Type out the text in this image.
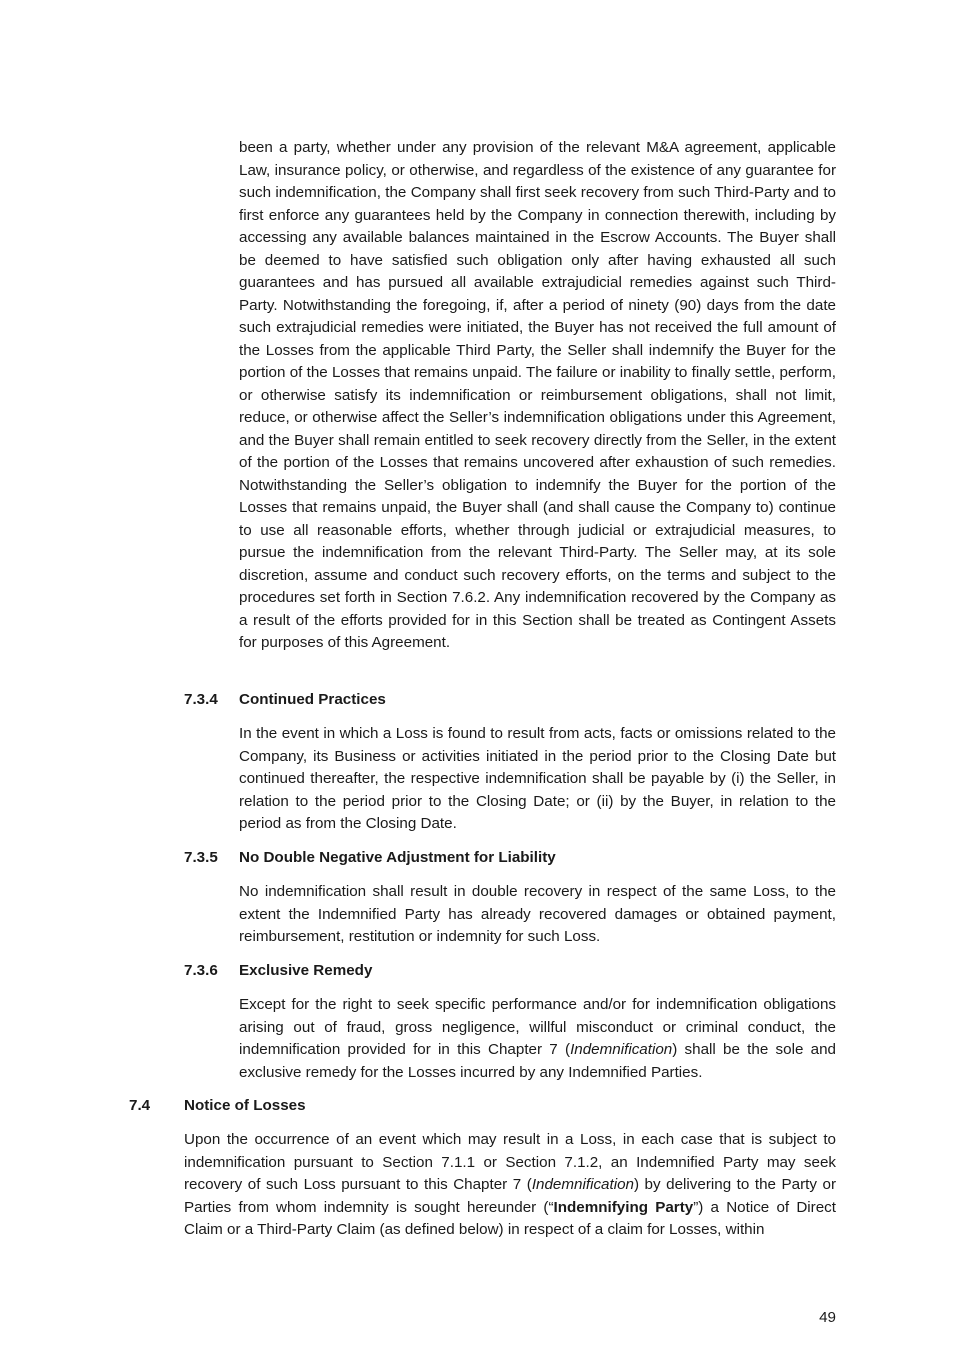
been a party, whether under any provision of the relevant M&A agreement, applicable Law, insurance policy, or otherwise, and regardless of the existence of any guarantee for such indemnification, the Company shall first seek recovery from such Third-Party and to first enforce any guarantees held by the Company in connection therewith, including by accessing any available balances maintained in the Escrow Accounts. The Buyer shall be deemed to have satisfied such obligation only after having exhausted all such guarantees and has pursued all available extrajudicial remedies against such Third-Party. Notwithstanding the foregoing, if, after a period of ninety (90) days from the date such extrajudicial remedies were initiated, the Buyer has not received the full amount of the Losses from the applicable Third Party, the Seller shall indemnify the Buyer for the portion of the Losses that remains unpaid. The failure or inability to finally settle, perform, or otherwise satisfy its indemnification or reimbursement obligations, shall not limit, reduce, or otherwise affect the Seller’s indemnification obligations under this Agreement, and the Buyer shall remain entitled to seek recovery directly from the Seller, in the extent of the portion of the Losses that remains uncovered after exhaustion of such remedies. Notwithstanding the Seller’s obligation to indemnify the Buyer for the portion of the Losses that remains unpaid, the Buyer shall (and shall cause the Company to) continue to use all reasonable efforts, whether through judicial or extrajudicial measures, to pursue the indemnification from the relevant Third-Party. The Seller may, at its sole discretion, assume and conduct such recovery efforts, on the terms and subject to the procedures set forth in Section 7.6.2. Any indemnification recovered by the Company as a result of the efforts provided for in this Section shall be treated as Contingent Assets for purposes of this Agreement.

7.3.4 Continued Practices

In the event in which a Loss is found to result from acts, facts or omissions related to the Company, its Business or activities initiated in the period prior to the Closing Date but continued thereafter, the respective indemnification shall be payable by (i) the Seller, in relation to the period prior to the Closing Date; or (ii) by the Buyer, in relation to the period as from the Closing Date.

7.3.5 No Double Negative Adjustment for Liability

No indemnification shall result in double recovery in respect of the same Loss, to the extent the Indemnified Party has already recovered damages or obtained payment, reimbursement, restitution or indemnity for such Loss.

7.3.6 Exclusive Remedy

Except for the right to seek specific performance and/or for indemnification obligations arising out of fraud, gross negligence, willful misconduct or criminal conduct, the indemnification provided for in this Chapter 7 (Indemnification) shall be the sole and exclusive remedy for the Losses incurred by any Indemnified Parties.

7.4 Notice of Losses

Upon the occurrence of an event which may result in a Loss, in each case that is subject to indemnification pursuant to Section 7.1.1 or Section 7.1.2, an Indemnified Party may seek recovery of such Loss pursuant to this Chapter 7 (Indemnification) by delivering to the Party or Parties from whom indemnity is sought hereunder (“Indemnifying Party”) a Notice of Direct Claim or a Third-Party Claim (as defined below) in respect of a claim for Losses, within

49
